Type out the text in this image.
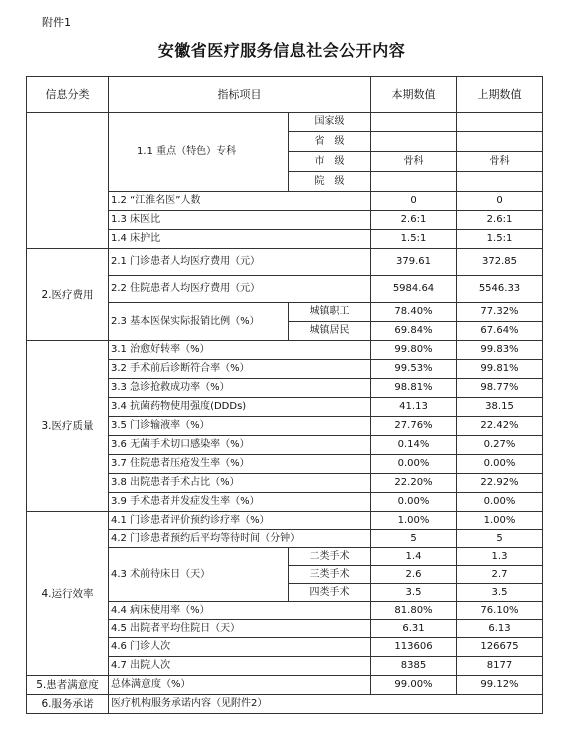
附件1
安徽省医疗服务信息社会公开内容
信息分类	指标项目		本期数值	上期数值
	1.1 重点（特色）专科	国家级		
		省　级		
		市　级	骨科	骨科
		院　级		
	1.2 “江淮名医”人数		0	0
	1.3 床医比		2.6:1	2.6:1
	1.4 床护比		1.5:1	1.5:1
2.医疗费用	2.1 门诊患者人均医疗费用（元）		379.61	372.85
	2.2 住院患者人均医疗费用（元）		5984.64	5546.33
	2.3 基本医保实际报销比例（%）	城镇职工	78.40%	77.32%
		城镇居民	69.84%	67.64%
3.医疗质量	3.1 治愈好转率（%）		99.80%	99.83%
	3.2 手术前后诊断符合率（%）		99.53%	99.81%
	3.3 急诊抢救成功率（%）		98.81%	98.77%
	3.4 抗菌药物使用强度(DDDs)		41.13	38.15
	3.5 门诊输液率（%）		27.76%	22.42%
	3.6 无菌手术切口感染率（%）		0.14%	0.27%
	3.7 住院患者压疮发生率（%）		0.00%	0.00%
	3.8 出院患者手术占比（%）		22.20%	22.92%
	3.9 手术患者并发症发生率（%）		0.00%	0.00%
4.运行效率	4.1 门诊患者评价预约诊疗率（%）		1.00%	1.00%
	4.2 门诊患者预约后平均等待时间（分钟）		5	5
	4.3 术前待床日（天）	二类手术	1.4	1.3
		三类手术	2.6	2.7
		四类手术	3.5	3.5
	4.4 病床使用率（%）		81.80%	76.10%
	4.5 出院者平均住院日（天）		6.31	6.13
	4.6 门诊人次		113606	126675
	4.7 出院人次		8385	8177
5.患者满意度	总体满意度（%）		99.00%	99.12%
6.服务承诺	医疗机构服务承诺内容（见附件2）			
